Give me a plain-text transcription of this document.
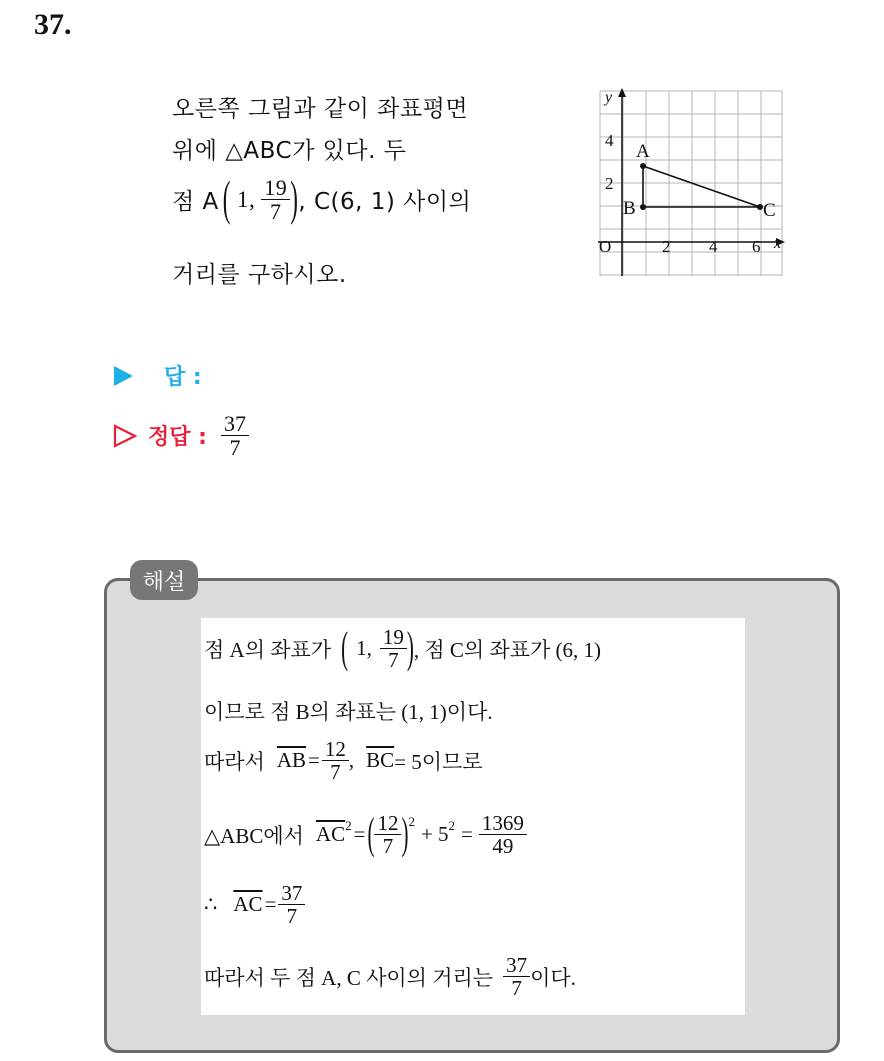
37.
오른쪽 그림과 같이 좌표평면
위에 △ABC가 있다. 두
점 A ( 1, $\frac{19}{7}$ ) , C(6, 1) 사이의
거리를 구하시오.
y
x
O
4
2
2 4 6
A
B	C
답 :
정답 : $\frac{37}{7}$
해설
점 A의 좌표가 ( 1, $\frac{19}{7}$ ) , 점 C의 좌표가 (6, 1)
이므로 점 B의 좌표는 (1, 1)이다.
따라서 $\overline{AB} = \frac{12}{7}$ , $\overline{BC} = 5$이므로
△ABC에서 $\overline{AC}^2$ = ( $\frac{12}{7} )^2$
+ $5^2 = \frac{1369}{49}$
∴ $\overline{AC} = \frac{37}{7}$
따라서 두 점 A, C 사이의 거리는 $\frac{37}{7}$ 이다.
